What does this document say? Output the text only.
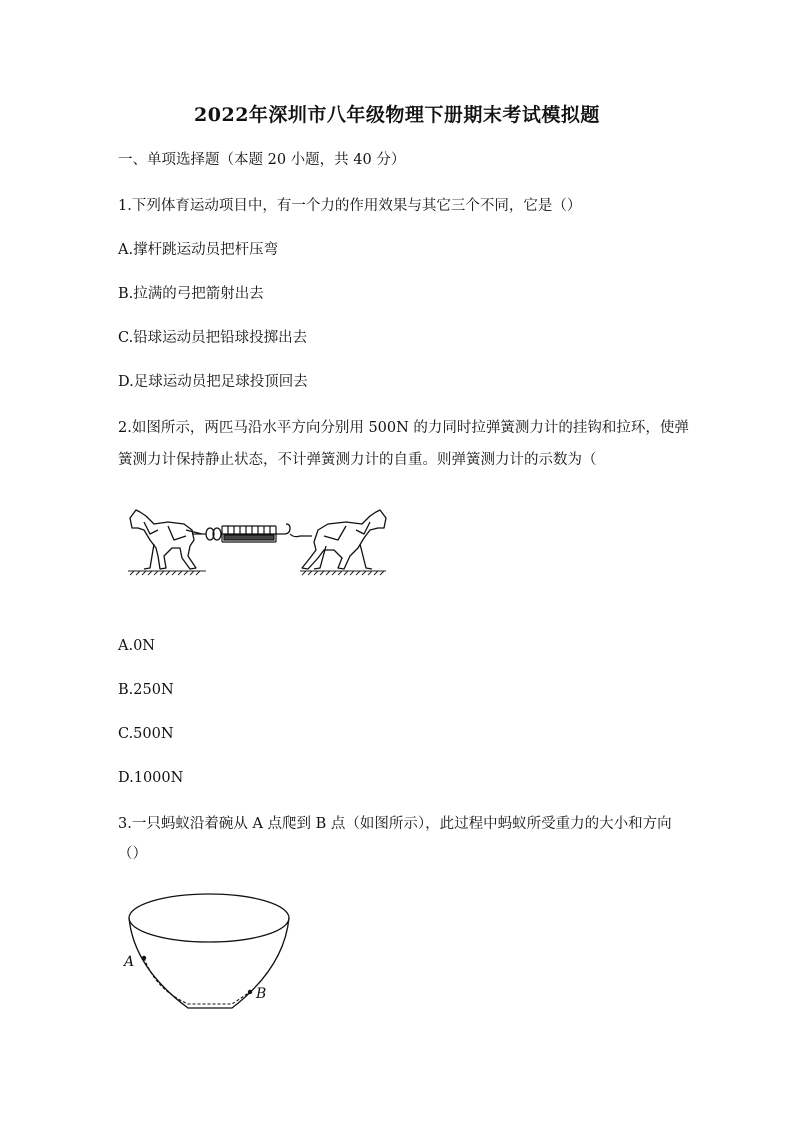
2022年深圳市八年级物理下册期末考试模拟题
一、单项选择题（本题 20 小题，共 40 分）
1.下列体育运动项目中，有一个力的作用效果与其它三个不同，它是（）
A.撑杆跳运动员把杆压弯
B.拉满的弓把箭射出去
C.铅球运动员把铅球投掷出去
D.足球运动员把足球投顶回去
2.如图所示，两匹马沿水平方向分别用 500N 的力同时拉弹簧测力计的挂钩和拉环，使弹
簧测力计保持静止状态，不计弹簧测力计的自重。则弹簧测力计的示数为（
A.0N
B.250N
C.500N
D.1000N
3.一只蚂蚁沿着碗从 A 点爬到 B 点（如图所示），此过程中蚂蚁所受重力的大小和方向
（）
A
B
